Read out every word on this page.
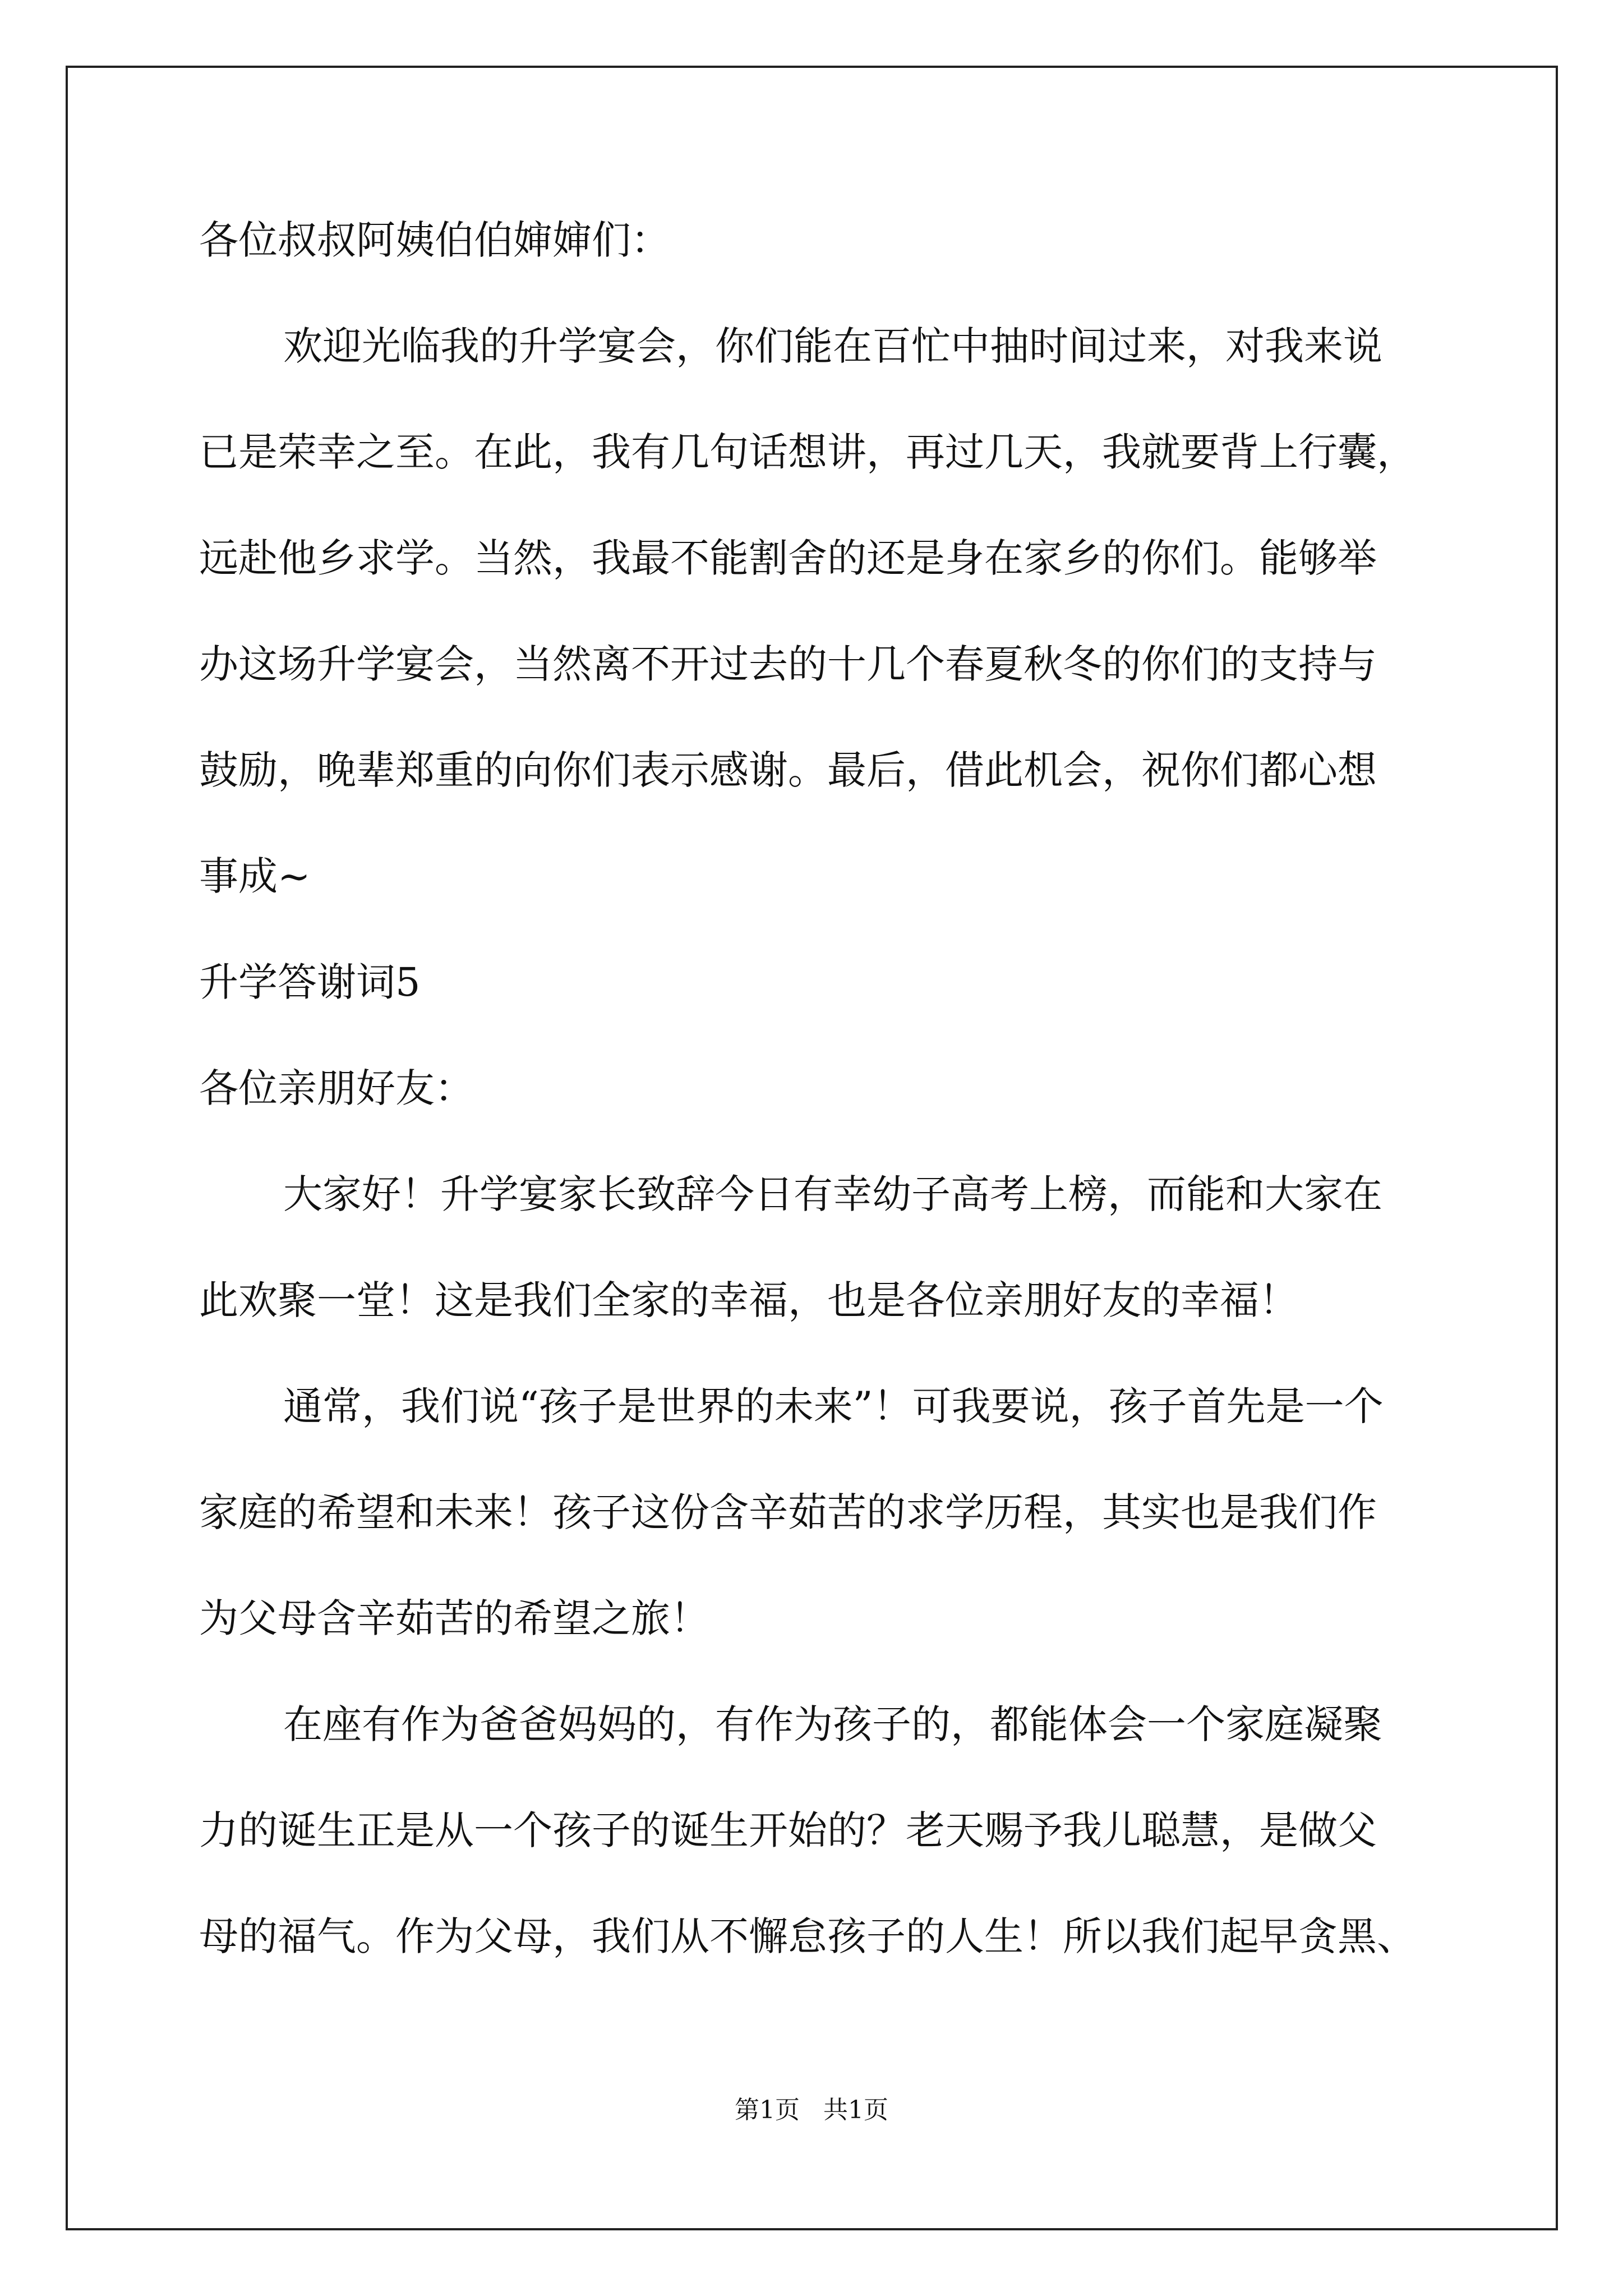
各位叔叔阿姨伯伯婶婶们：
欢迎光临我的升学宴会，你们能在百忙中抽时间过来，对我来说
已是荣幸之至。在此，我有几句话想讲，再过几天，我就要背上行囊，
远赴他乡求学。当然，我最不能割舍的还是身在家乡的你们。能够举
办这场升学宴会，当然离不开过去的十几个春夏秋冬的你们的支持与
鼓励，晚辈郑重的向你们表示感谢。最后，借此机会，祝你们都心想
事成~
升学答谢词5
各位亲朋好友：
大家好！升学宴家长致辞今日有幸幼子高考上榜，而能和大家在
此欢聚一堂！这是我们全家的幸福，也是各位亲朋好友的幸福！
通常，我们说“孩子是世界的未来”！可我要说，孩子首先是一个
家庭的希望和未来！孩子这份含辛茹苦的求学历程，其实也是我们作
为父母含辛茹苦的希望之旅！
在座有作为爸爸妈妈的，有作为孩子的，都能体会一个家庭凝聚
力的诞生正是从一个孩子的诞生开始的？老天赐予我儿聪慧，是做父
母的福气。作为父母，我们从不懈怠孩子的人生！所以我们起早贪黑、
第1页   共1页
